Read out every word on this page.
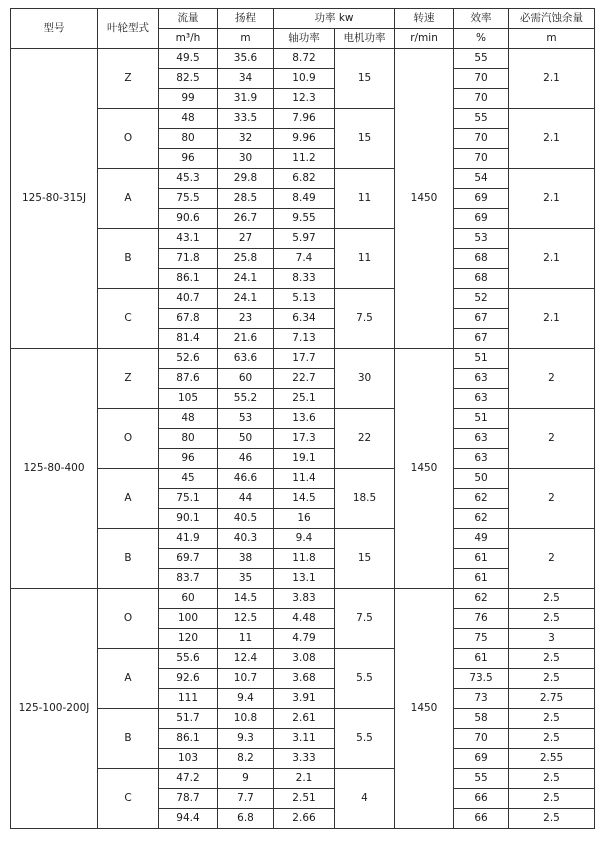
型号	叶轮型式	流量	扬程	功率 kw		转速	效率	必需汽蚀余量
		m³/h	m	轴功率	电机功率	r/min	%	m
125-80-315J	Z	49.5	35.6	8.72	15	1450	55	2.1
		82.5	34	10.9			70	
		99	31.9	12.3			70	
	O	48	33.5	7.96	15		55	2.1
		80	32	9.96			70	
		96	30	11.2			70	
	A	45.3	29.8	6.82	11		54	2.1
		75.5	28.5	8.49			69	
		90.6	26.7	9.55			69	
	B	43.1	27	5.97	11		53	2.1
		71.8	25.8	7.4			68	
		86.1	24.1	8.33			68	
	C	40.7	24.1	5.13	7.5		52	2.1
		67.8	23	6.34			67	
		81.4	21.6	7.13			67	
125-80-400	Z	52.6	63.6	17.7	30	1450	51	2
		87.6	60	22.7			63	
		105	55.2	25.1			63	
	O	48	53	13.6	22		51	2
		80	50	17.3			63	
		96	46	19.1			63	
	A	45	46.6	11.4	18.5		50	2
		75.1	44	14.5			62	
		90.1	40.5	16			62	
	B	41.9	40.3	9.4	15		49	2
		69.7	38	11.8			61	
		83.7	35	13.1			61	
125-100-200J	O	60	14.5	3.83	7.5	1450	62	2.5
		100	12.5	4.48			76	2.5
		120	11	4.79			75	3
	A	55.6	12.4	3.08	5.5		61	2.5
		92.6	10.7	3.68			73.5	2.5
		111	9.4	3.91			73	2.75
	B	51.7	10.8	2.61	5.5		58	2.5
		86.1	9.3	3.11			70	2.5
		103	8.2	3.33			69	2.55
	C	47.2	9	2.1	4		55	2.5
		78.7	7.7	2.51			66	2.5
		94.4	6.8	2.66			66	2.5
